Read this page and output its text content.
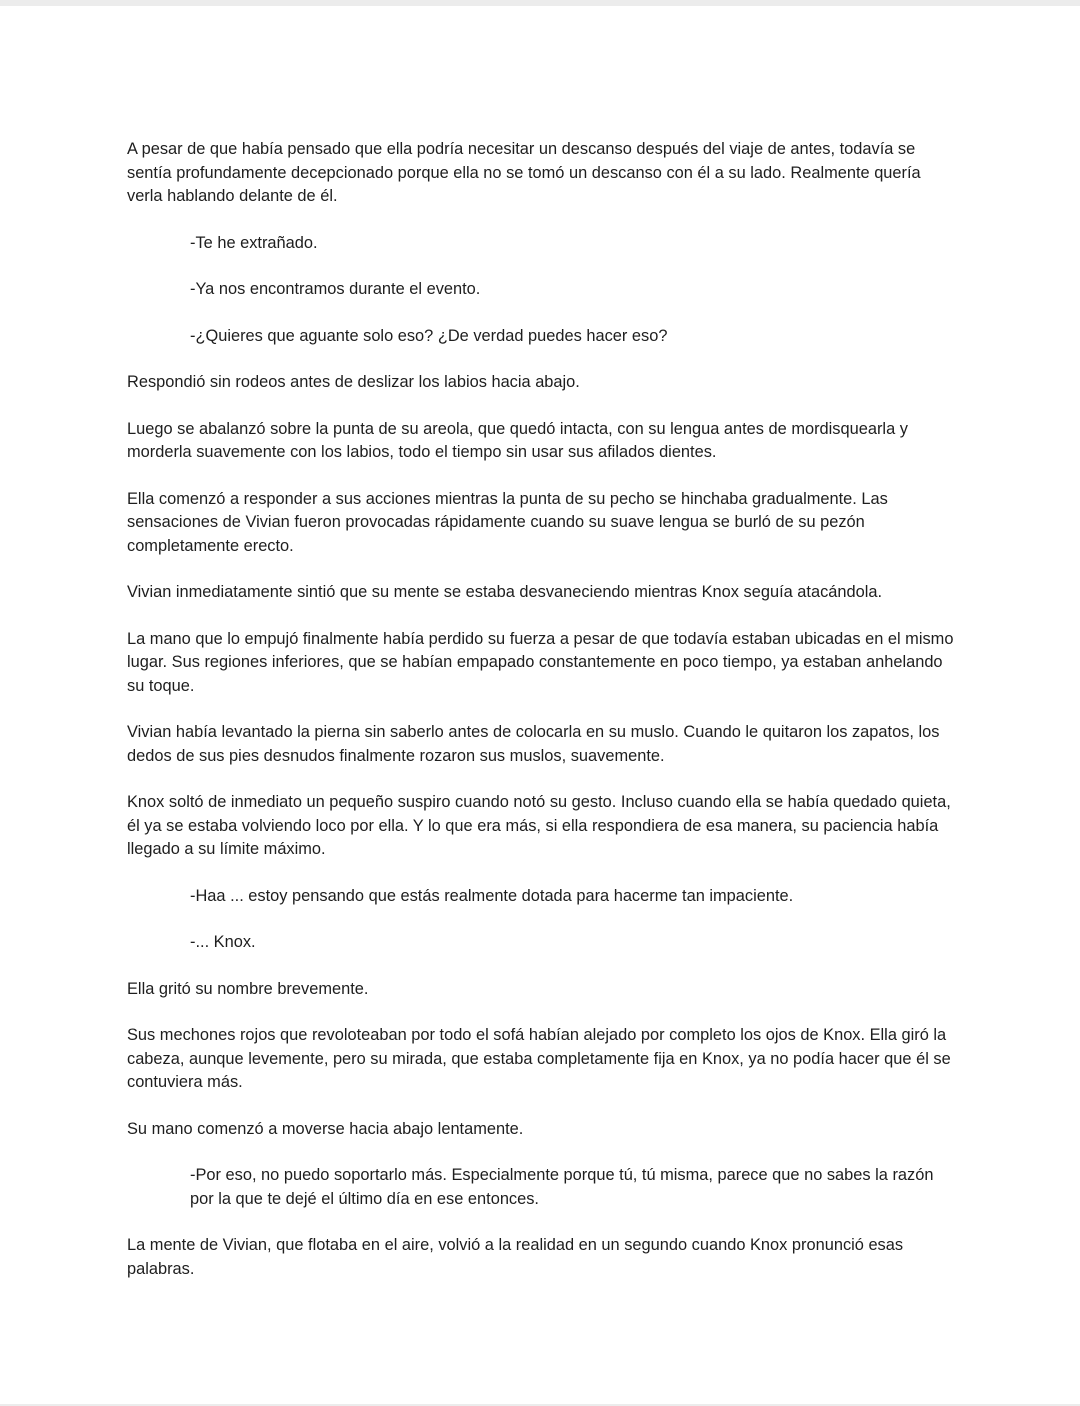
A pesar de que había pensado que ella podría necesitar un descanso después del viaje de antes, todavía se sentía profundamente decepcionado porque ella no se tomó un descanso con él a su lado. Realmente quería verla hablando delante de él.

-Te he extrañado.

-Ya nos encontramos durante el evento.

-¿Quieres que aguante solo eso? ¿De verdad puedes hacer eso?

Respondió sin rodeos antes de deslizar los labios hacia abajo.

Luego se abalanzó sobre la punta de su areola, que quedó intacta, con su lengua antes de mordisquearla y morderla suavemente con los labios, todo el tiempo sin usar sus afilados dientes.

Ella comenzó a responder a sus acciones mientras la punta de su pecho se hinchaba gradualmente. Las sensaciones de Vivian fueron provocadas rápidamente cuando su suave lengua se burló de su pezón completamente erecto.

Vivian inmediatamente sintió que su mente se estaba desvaneciendo mientras Knox seguía atacándola.

La mano que lo empujó finalmente había perdido su fuerza a pesar de que todavía estaban ubicadas en el mismo lugar. Sus regiones inferiores, que se habían empapado constantemente en poco tiempo, ya estaban anhelando su toque.

Vivian había levantado la pierna sin saberlo antes de colocarla en su muslo. Cuando le quitaron los zapatos, los dedos de sus pies desnudos finalmente rozaron sus muslos, suavemente.

Knox soltó de inmediato un pequeño suspiro cuando notó su gesto. Incluso cuando ella se había quedado quieta, él ya se estaba volviendo loco por ella. Y lo que era más, si ella respondiera de esa manera, su paciencia había llegado a su límite máximo.

-Haa ... estoy pensando que estás realmente dotada para hacerme tan impaciente.

-... Knox.

Ella gritó su nombre brevemente.

Sus mechones rojos que revoloteaban por todo el sofá habían alejado por completo los ojos de Knox. Ella giró la cabeza, aunque levemente, pero su mirada, que estaba completamente fija en Knox, ya no podía hacer que él se contuviera más.

Su mano comenzó a moverse hacia abajo lentamente.

-Por eso, no puedo soportarlo más. Especialmente porque tú, tú misma, parece que no sabes la razón por la que te dejé el último día en ese entonces.

La mente de Vivian, que flotaba en el aire, volvió a la realidad en un segundo cuando Knox pronunció esas palabras.
